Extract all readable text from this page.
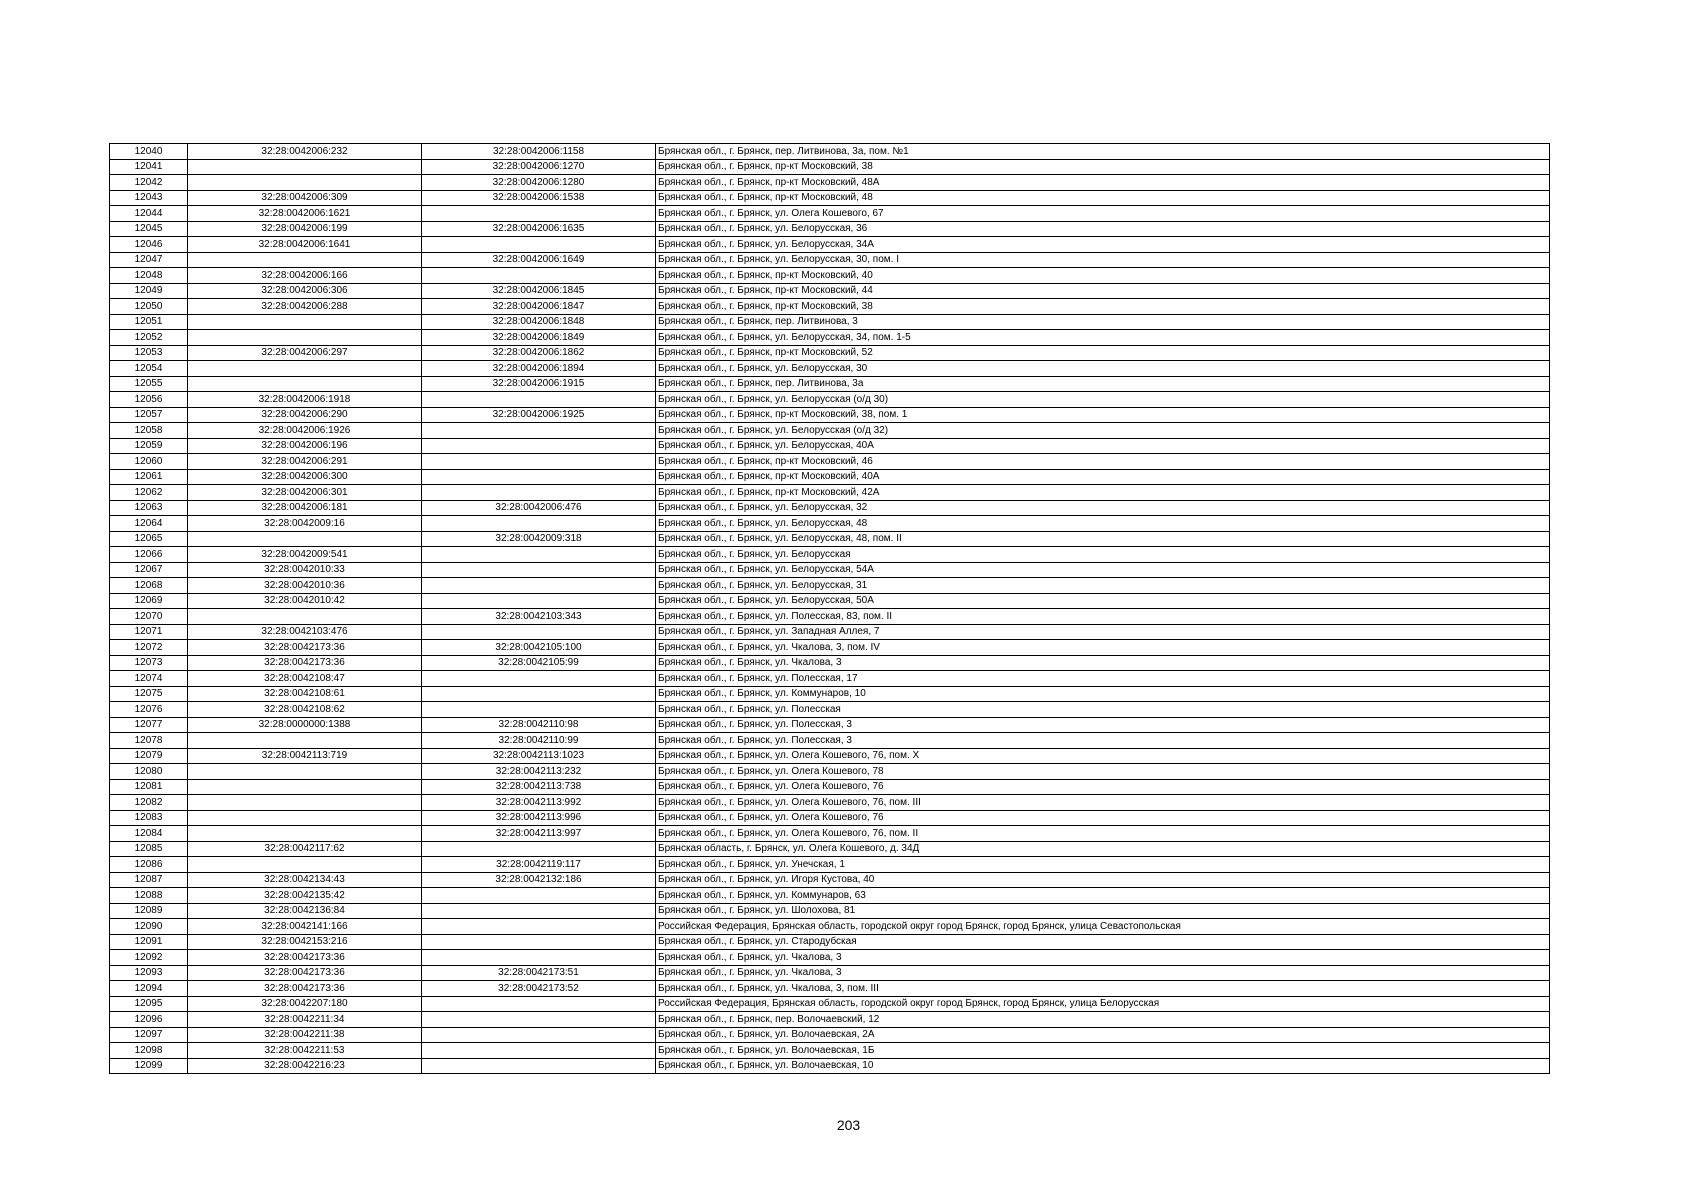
12040	32:28:0042006:232	32:28:0042006:1158	Брянская обл., г. Брянск, пер. Литвинова, 3а, пом. №1
12041		32:28:0042006:1270	Брянская обл., г. Брянск, пр-кт Московский, 38
12042		32:28:0042006:1280	Брянская обл., г. Брянск, пр-кт Московский, 48А
12043	32:28:0042006:309	32:28:0042006:1538	Брянская обл., г. Брянск, пр-кт Московский, 48
12044	32:28:0042006:1621		Брянская обл., г. Брянск, ул. Олега Кошевого, 67
12045	32:28:0042006:199	32:28:0042006:1635	Брянская обл., г. Брянск, ул. Белорусская, 36
12046	32:28:0042006:1641		Брянская обл., г. Брянск, ул. Белорусская, 34А
12047		32:28:0042006:1649	Брянская обл., г. Брянск, ул. Белорусская, 30, пом. I
12048	32:28:0042006:166		Брянская обл., г. Брянск, пр-кт Московский, 40
12049	32:28:0042006:306	32:28:0042006:1845	Брянская обл., г. Брянск, пр-кт Московский, 44
12050	32:28:0042006:288	32:28:0042006:1847	Брянская обл., г. Брянск, пр-кт Московский, 38
12051		32:28:0042006:1848	Брянская обл., г. Брянск, пер. Литвинова, 3
12052		32:28:0042006:1849	Брянская обл., г. Брянск, ул. Белорусская, 34, пом. 1-5
12053	32:28:0042006:297	32:28:0042006:1862	Брянская обл., г. Брянск, пр-кт Московский, 52
12054		32:28:0042006:1894	Брянская обл., г. Брянск, ул. Белорусская, 30
12055		32:28:0042006:1915	Брянская обл., г. Брянск, пер. Литвинова, 3а
12056	32:28:0042006:1918		Брянская обл., г. Брянск, ул. Белорусская (о/д 30)
12057	32:28:0042006:290	32:28:0042006:1925	Брянская обл., г. Брянск, пр-кт Московский, 38, пом. 1
12058	32:28:0042006:1926		Брянская обл., г. Брянск, ул. Белорусская (о/д 32)
12059	32:28:0042006:196		Брянская обл., г. Брянск, ул. Белорусская, 40А
12060	32:28:0042006:291		Брянская обл., г. Брянск, пр-кт Московский, 46
12061	32:28:0042006:300		Брянская обл., г. Брянск, пр-кт Московский, 40А
12062	32:28:0042006:301		Брянская обл., г. Брянск, пр-кт Московский, 42А
12063	32:28:0042006:181	32:28:0042006:476	Брянская обл., г. Брянск, ул. Белорусская, 32
12064	32:28:0042009:16		Брянская обл., г. Брянск, ул. Белорусская, 48
12065		32:28:0042009:318	Брянская обл., г. Брянск, ул. Белорусская, 48, пом. II
12066	32:28:0042009:541		Брянская обл., г. Брянск, ул. Белорусская
12067	32:28:0042010:33		Брянская обл., г. Брянск, ул. Белорусская, 54А
12068	32:28:0042010:36		Брянская обл., г. Брянск, ул. Белорусская, 31
12069	32:28:0042010:42		Брянская обл., г. Брянск, ул. Белорусская, 50А
12070		32:28:0042103:343	Брянская обл., г. Брянск, ул. Полесская, 83, пом. II
12071	32:28:0042103:476		Брянская обл., г. Брянск, ул. Западная Аллея, 7
12072	32:28:0042173:36	32:28:0042105:100	Брянская обл., г. Брянск, ул. Чкалова, 3, пом. IV
12073	32:28:0042173:36	32:28:0042105:99	Брянская обл., г. Брянск, ул. Чкалова, 3
12074	32:28:0042108:47		Брянская обл., г. Брянск, ул. Полесская, 17
12075	32:28:0042108:61		Брянская обл., г. Брянск, ул. Коммунаров, 10
12076	32:28:0042108:62		Брянская обл., г. Брянск, ул. Полесская
12077	32:28:0000000:1388	32:28:0042110:98	Брянская обл., г. Брянск, ул. Полесская, 3
12078		32:28:0042110:99	Брянская обл., г. Брянск, ул. Полесская, 3
12079	32:28:0042113:719	32:28:0042113:1023	Брянская обл., г. Брянск, ул. Олега Кошевого, 76, пом. X
12080		32:28:0042113:232	Брянская обл., г. Брянск, ул. Олега Кошевого, 78
12081		32:28:0042113:738	Брянская обл., г. Брянск, ул. Олега Кошевого, 76
12082		32:28:0042113:992	Брянская обл., г. Брянск, ул. Олега Кошевого, 76, пом. III
12083		32:28:0042113:996	Брянская обл., г. Брянск, ул. Олега Кошевого, 76
12084		32:28:0042113:997	Брянская обл., г. Брянск, ул. Олега Кошевого, 76, пом. II
12085	32:28:0042117:62		Брянская область, г. Брянск, ул. Олега Кошевого, д. 34Д
12086		32:28:0042119:117	Брянская обл., г. Брянск, ул. Унечская, 1
12087	32:28:0042134:43	32:28:0042132:186	Брянская обл., г. Брянск, ул. Игоря Кустова, 40
12088	32:28:0042135:42		Брянская обл., г. Брянск, ул. Коммунаров, 63
12089	32:28:0042136:84		Брянская обл., г. Брянск, ул. Шолохова, 81
12090	32:28:0042141:166		Российская Федерация, Брянская область, городской округ город Брянск, город Брянск, улица Севастопольская
12091	32:28:0042153:216		Брянская обл., г. Брянск, ул. Стародубская
12092	32:28:0042173:36		Брянская обл., г. Брянск, ул. Чкалова, 3
12093	32:28:0042173:36	32:28:0042173:51	Брянская обл., г. Брянск, ул. Чкалова, 3
12094	32:28:0042173:36	32:28:0042173:52	Брянская обл., г. Брянск, ул. Чкалова, 3, пом. III
12095	32:28:0042207:180		Российская Федерация, Брянская область, городской округ город Брянск, город Брянск, улица Белорусская
12096	32:28:0042211:34		Брянская обл., г. Брянск, пер. Волочаевский, 12
12097	32:28:0042211:38		Брянская обл., г. Брянск, ул. Волочаевская, 2А
12098	32:28:0042211:53		Брянская обл., г. Брянск, ул. Волочаевская, 1Б
12099	32:28:0042216:23		Брянская обл., г. Брянск, ул. Волочаевская, 10
203
